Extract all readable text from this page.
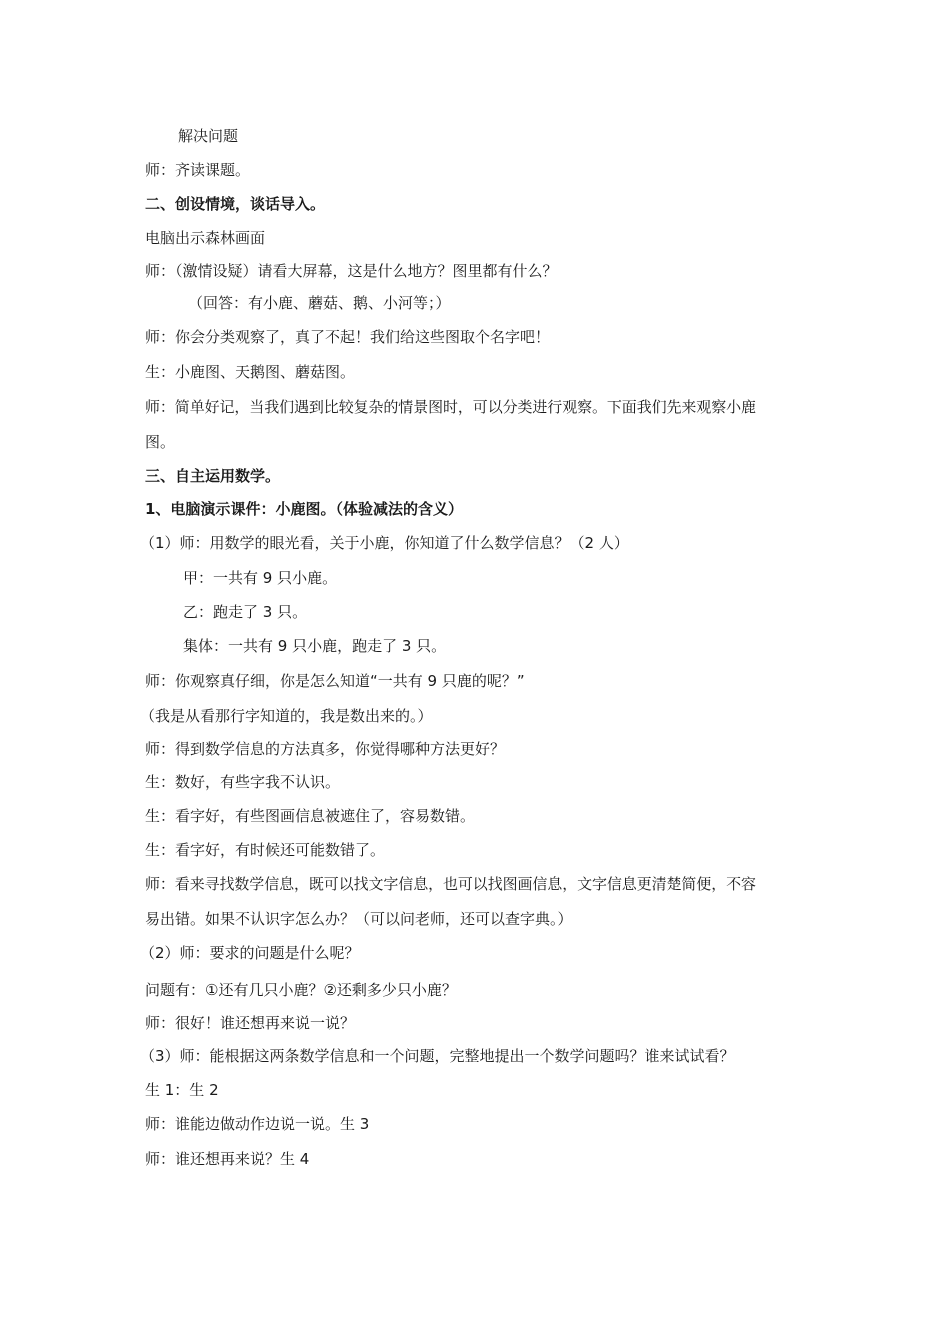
解决问题
师：齐读课题。
二、创设情境，谈话导入。
电脑出示森林画面
师：（激情设疑）请看大屏幕，这是什么地方？图里都有什么？
（回答：有小鹿、蘑菇、鹅、小河等；）
师：你会分类观察了，真了不起！我们给这些图取个名字吧！
生：小鹿图、天鹅图、蘑菇图。
师：简单好记，当我们遇到比较复杂的情景图时，可以分类进行观察。下面我们先来观察小鹿
图。
三、自主运用数学。
1、电脑演示课件：小鹿图。（体验减法的含义）
（1）师：用数学的眼光看，关于小鹿，你知道了什么数学信息？（2 人）
甲：一共有 9 只小鹿。
乙：跑走了 3 只。
集体：一共有 9 只小鹿，跑走了 3 只。
师：你观察真仔细，你是怎么知道“一共有 9 只鹿的呢？”
（我是从看那行字知道的，我是数出来的。）
师：得到数学信息的方法真多，你觉得哪种方法更好？
生：数好，有些字我不认识。
生：看字好，有些图画信息被遮住了，容易数错。
生：看字好，有时候还可能数错了。
师：看来寻找数学信息，既可以找文字信息，也可以找图画信息，文字信息更清楚简便，不容
易出错。如果不认识字怎么办？（可以问老师，还可以查字典。）
（2）师：要求的问题是什么呢？
问题有：①还有几只小鹿？②还剩多少只小鹿？
师：很好！谁还想再来说一说？
（3）师：能根据这两条数学信息和一个问题，完整地提出一个数学问题吗？谁来试试看？
生 1：生 2
师：谁能边做动作边说一说。生 3
师：谁还想再来说？生 4
